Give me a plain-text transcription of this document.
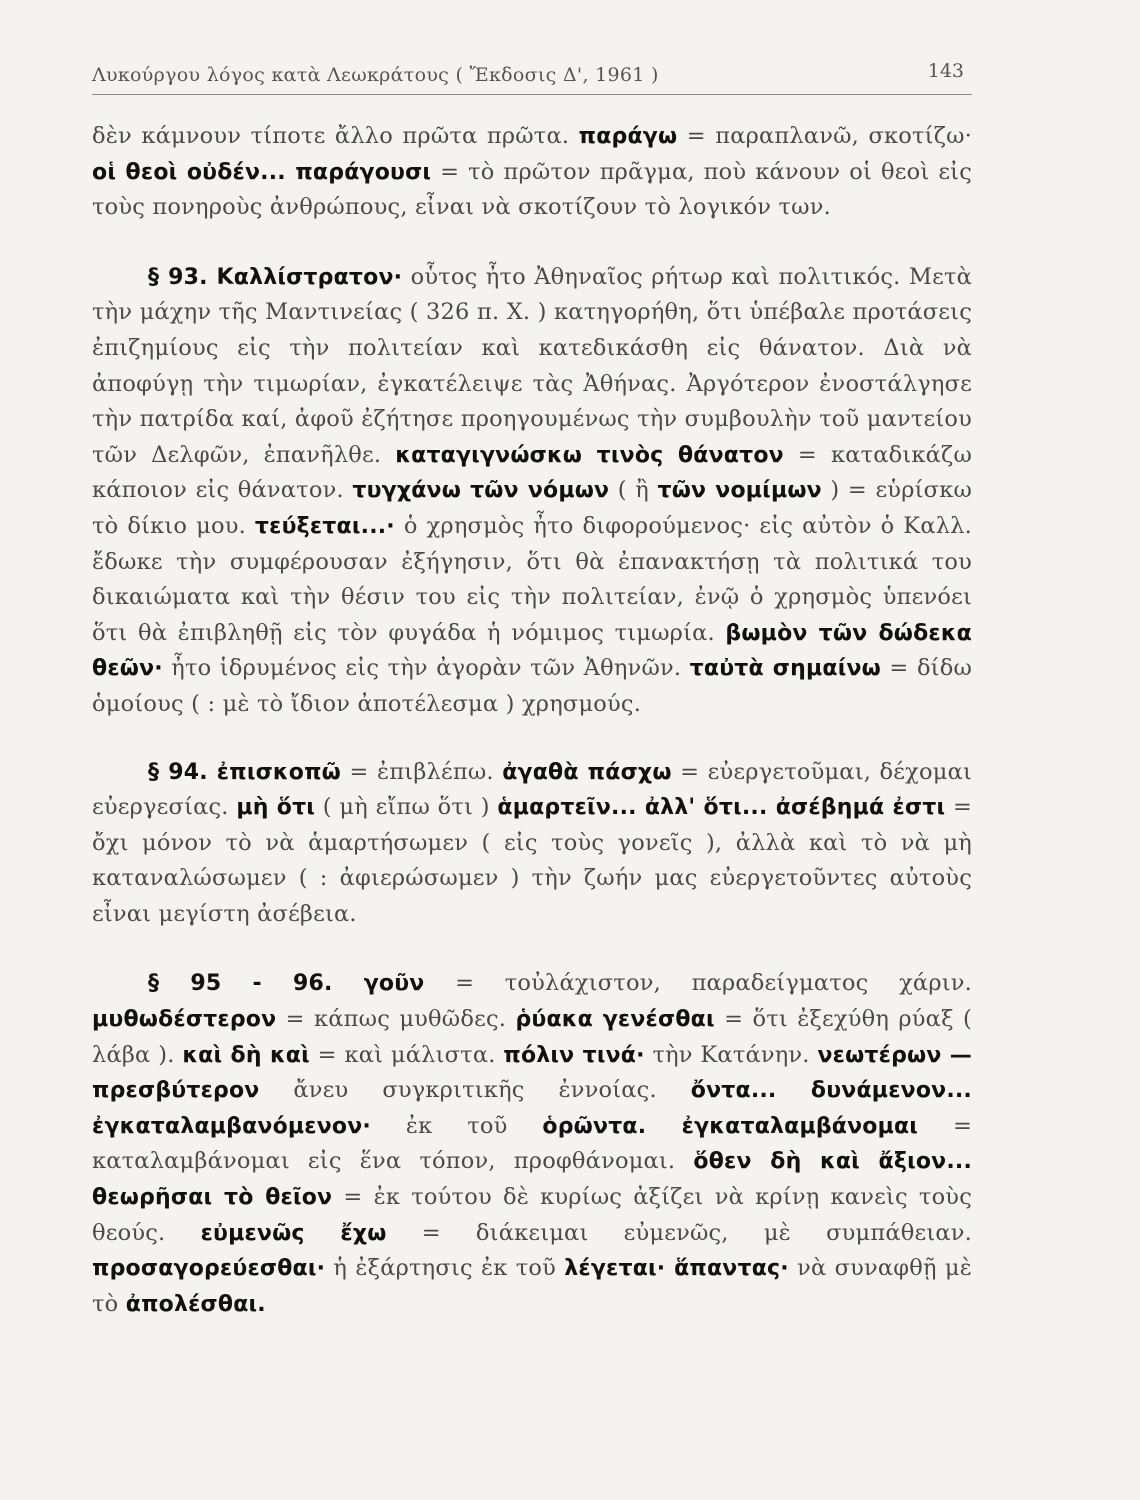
Λυκούργου λόγος κατὰ Λεωκράτους ( Ἔκδοσις Δ', 1961 )	143
δὲν κάμνουν τίποτε ἄλλο πρῶτα πρῶτα. παράγω = παραπλανῶ, σκοτίζω· οἱ θεοὶ οὐδέν... παράγουσι = τὸ πρῶτον πρᾶγμα, ποὺ κάνουν οἱ θεοὶ εἰς τοὺς πονηροὺς ἀνθρώπους, εἶναι νὰ σκοτίζουν τὸ λογικόν των.
§ 93. Καλλίστρατον· οὗτος ἦτο Ἀθηναῖος ρήτωρ καὶ πολιτικός. Μετὰ τὴν μάχην τῆς Μαντινείας ( 326 π. Χ. ) κατηγορήθη, ὅτι ὑπέβαλε προτάσεις ἐπιζημίους εἰς τὴν πολιτείαν καὶ κατεδικάσθη εἰς θάνατον. Διὰ νὰ ἀποφύγῃ τὴν τιμωρίαν, ἐγκατέλειψε τὰς Ἀθήνας. Ἀργότερον ἐνοστάλγησε τὴν πατρίδα καί, ἀφοῦ ἐζήτησε προηγουμένως τὴν συμβουλὴν τοῦ μαντείου τῶν Δελφῶν, ἐπανῆλθε. καταγιγνώσκω τινὸς θάνατον = καταδικάζω κάποιον εἰς θάνατον. τυγχάνω τῶν νόμων ( ἢ τῶν νομίμων ) = εὑρίσκω τὸ δίκιο μου. τεύξεται...· ὁ χρησμὸς ἦτο διφορούμενος· εἰς αὐτὸν ὁ Καλλ. ἔδωκε τὴν συμφέρουσαν ἐξήγησιν, ὅτι θὰ ἐπανακτήσῃ τὰ πολιτικά του δικαιώματα καὶ τὴν θέσιν του εἰς τὴν πολιτείαν, ἐνῷ ὁ χρησμὸς ὑπενόει ὅτι θὰ ἐπιβληθῇ εἰς τὸν φυγάδα ἡ νόμιμος τιμωρία. βωμὸν τῶν δώδεκα θεῶν· ἦτο ἱδρυμένος εἰς τὴν ἀγορὰν τῶν Ἀθηνῶν. ταὐτὰ σημαίνω = δίδω ὁμοίους ( : μὲ τὸ ἴδιον ἀποτέλεσμα ) χρησμούς.
§ 94. ἐπισκοπῶ = ἐπιβλέπω. ἀγαθὰ πάσχω = εὐεργετοῦμαι, δέχομαι εὐεργεσίας. μὴ ὅτι ( μὴ εἴπω ὅτι ) ἁμαρτεῖν... ἀλλ' ὅτι... ἀσέβημά ἐστι = ὄχι μόνον τὸ νὰ ἁμαρτήσωμεν ( εἰς τοὺς γονεῖς ), ἀλλὰ καὶ τὸ νὰ μὴ καταναλώσωμεν ( : ἀφιερώσωμεν ) τὴν ζωήν μας εὐεργετοῦντες αὐτοὺς εἶναι μεγίστη ἀσέβεια.
§ 95 - 96. γοῦν = τοὐλάχιστον, παραδείγματος χάριν. μυθωδέστερον = κάπως μυθῶδες. ῥύακα γενέσθαι = ὅτι ἐξεχύθη ρύαξ ( λάβα ). καὶ δὴ καὶ = καὶ μάλιστα. πόλιν τινά· τὴν Κατάνην. νεωτέρων — πρεσβύτερον ἄνευ συγκριτικῆς ἐννοίας. ὄντα... δυνάμενον... ἐγκαταλαμβανόμενον· ἐκ τοῦ ὁρῶντα. ἐγκαταλαμβάνομαι = καταλαμβάνομαι εἰς ἕνα τόπον, προφθάνομαι. ὅθεν δὴ καὶ ἄξιον... θεωρῆσαι τὸ θεῖον = ἐκ τούτου δὲ κυρίως ἀξίζει νὰ κρίνῃ κανεὶς τοὺς θεούς. εὐμενῶς ἔχω = διάκειμαι εὐμενῶς, μὲ συμπάθειαν. προσαγορεύεσθαι· ἡ ἐξάρτησις ἐκ τοῦ λέγεται· ἅπαντας· νὰ συναφθῇ μὲ τὸ ἀπολέσθαι.
